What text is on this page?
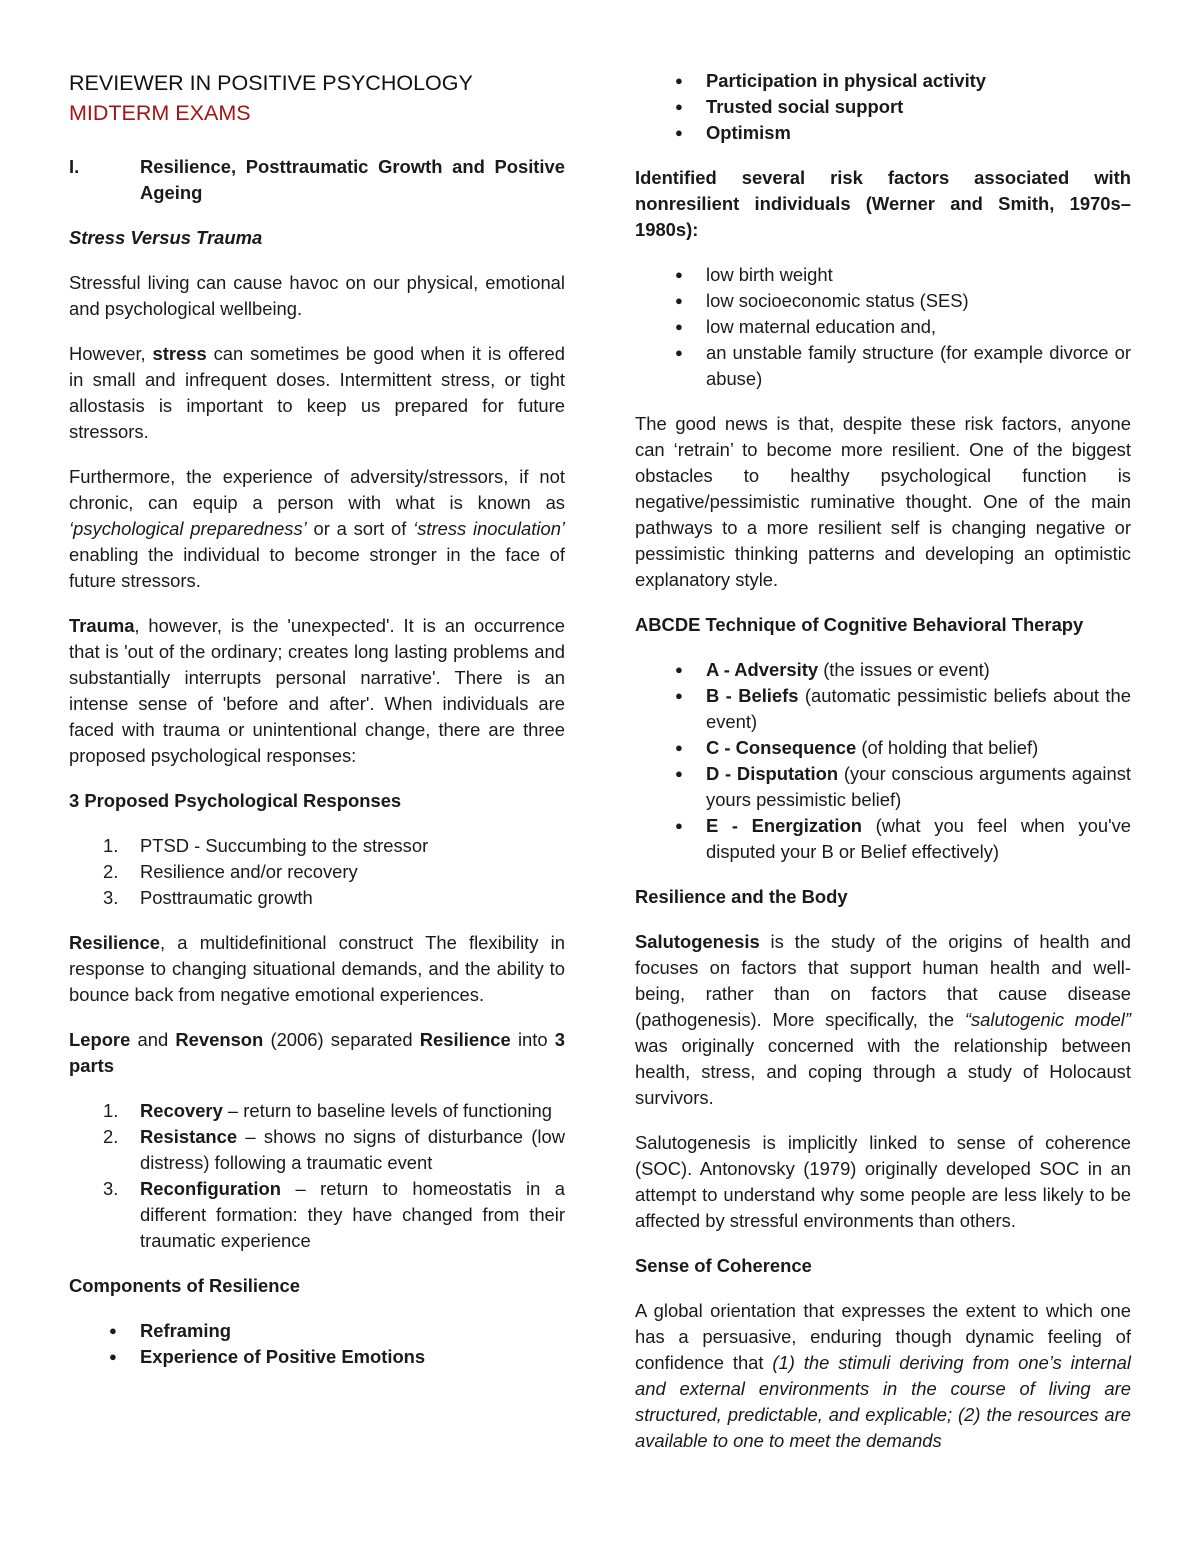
REVIEWER IN POSITIVE PSYCHOLOGY
MIDTERM EXAMS
I.	Resilience, Posttraumatic Growth and Positive Ageing

Stress Versus Trauma

Stressful living can cause havoc on our physical, emotional and psychological wellbeing.

However, stress can sometimes be good when it is offered in small and infrequent doses. Intermittent stress, or tight allostasis is important to keep us prepared for future stressors.

Furthermore, the experience of adversity/stressors, if not chronic, can equip a person with what is known as ‘psychological preparedness’ or a sort of ‘stress inoculation’ enabling the individual to become stronger in the face of future stressors.

Trauma, however, is the 'unexpected'. It is an occurrence that is 'out of the ordinary; creates long lasting problems and substantially interrupts personal narrative'. There is an intense sense of 'before and after'. When individuals are faced with trauma or unintentional change, there are three proposed psychological responses:

3 Proposed Psychological Responses

1.	PTSD - Succumbing to the stressor
2.	Resilience and/or recovery
3.	Posttraumatic growth

Resilience, a multidefinitional construct The flexibility in response to changing situational demands, and the ability to bounce back from negative emotional experiences.

Lepore and Revenson (2006) separated Resilience into 3 parts

1.	Recovery – return to baseline levels of functioning
2.	Resistance – shows no signs of disturbance (low distress) following a traumatic event
3.	Reconfiguration – return to homeostatis in a different formation: they have changed from their traumatic experience

Components of Resilience

●	Reframing
●	Experience of Positive Emotions
●	Participation in physical activity
●	Trusted social support
●	Optimism

Identified several risk factors associated with nonresilient individuals (Werner and Smith, 1970s–1980s):

●	low birth weight
●	low socioeconomic status (SES)
●	low maternal education and,
●	an unstable family structure (for example divorce or abuse)

The good news is that, despite these risk factors, anyone can ‘retrain’ to become more resilient. One of the biggest obstacles to healthy psychological function is negative/pessimistic ruminative thought. One of the main pathways to a more resilient self is changing negative or pessimistic thinking patterns and developing an optimistic explanatory style.

ABCDE Technique of Cognitive Behavioral Therapy

●	A - Adversity (the issues or event)
●	B - Beliefs (automatic pessimistic beliefs about the event)
●	C - Consequence (of holding that belief)
●	D - Disputation (your conscious arguments against yours pessimistic belief)
●	E - Energization (what you feel when you've disputed your B or Belief effectively)

Resilience and the Body

Salutogenesis is the study of the origins of health and focuses on factors that support human health and well-being, rather than on factors that cause disease (pathogenesis). More specifically, the “salutogenic model” was originally concerned with the relationship between health, stress, and coping through a study of Holocaust survivors.

Salutogenesis is implicitly linked to sense of coherence (SOC). Antonovsky (1979) originally developed SOC in an attempt to understand why some people are less likely to be affected by stressful environments than others.

Sense of Coherence

A global orientation that expresses the extent to which one has a persuasive, enduring though dynamic feeling of confidence that (1) the stimuli deriving from one’s internal and external environments in the course of living are structured, predictable, and explicable; (2) the resources are available to one to meet the demands
